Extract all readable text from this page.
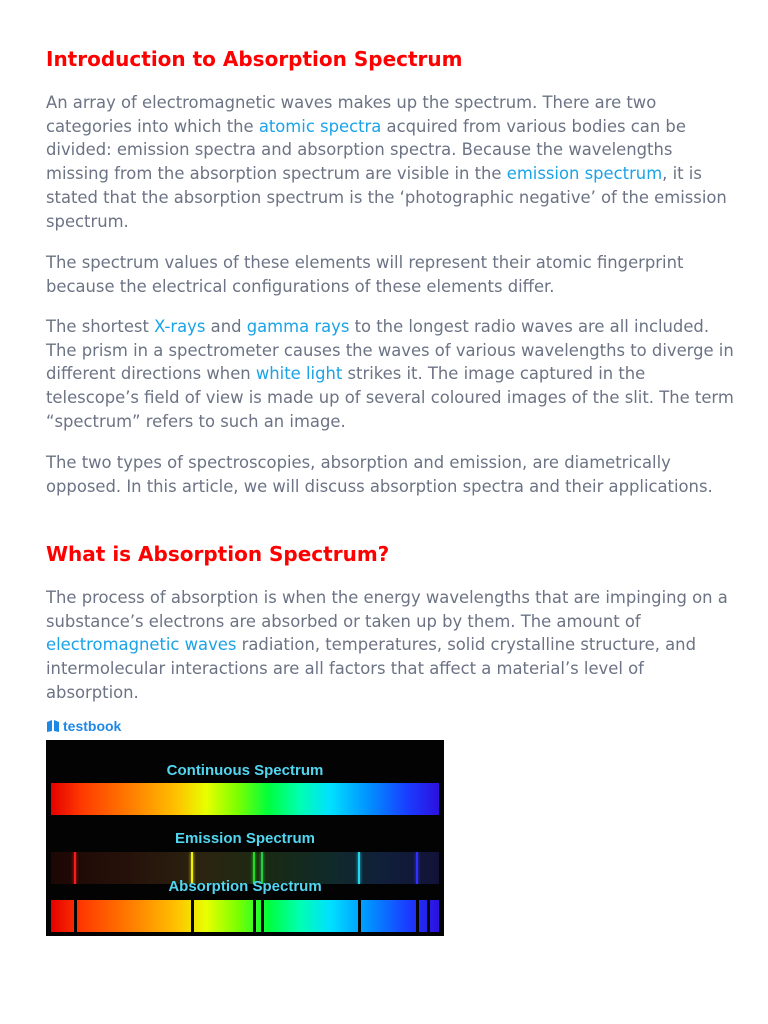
Introduction to Absorption Spectrum

An array of electromagnetic waves makes up the spectrum. There are two categories into which the atomic spectra acquired from various bodies can be divided: emission spectra and absorption spectra. Because the wavelengths missing from the absorption spectrum are visible in the emission spectrum, it is stated that the absorption spectrum is the ‘photographic negative’ of the emission spectrum.

The spectrum values of these elements will represent their atomic fingerprint because the electrical configurations of these elements differ.

The shortest X-rays and gamma rays to the longest radio waves are all included. The prism in a spectrometer causes the waves of various wavelengths to diverge in different directions when white light strikes it. The image captured in the telescope’s field of view is made up of several coloured images of the slit. The term “spectrum” refers to such an image.

The two types of spectroscopies, absorption and emission, are diametrically opposed. In this article, we will discuss absorption spectra and their applications.

What is Absorption Spectrum?

The process of absorption is when the energy wavelengths that are impinging on a substance’s electrons are absorbed or taken up by them. The amount of electromagnetic waves radiation, temperatures, solid crystalline structure, and intermolecular interactions are all factors that affect a material’s level of absorption.

testbook
Continuous Spectrum
Emission Spectrum
Absorption Spectrum
